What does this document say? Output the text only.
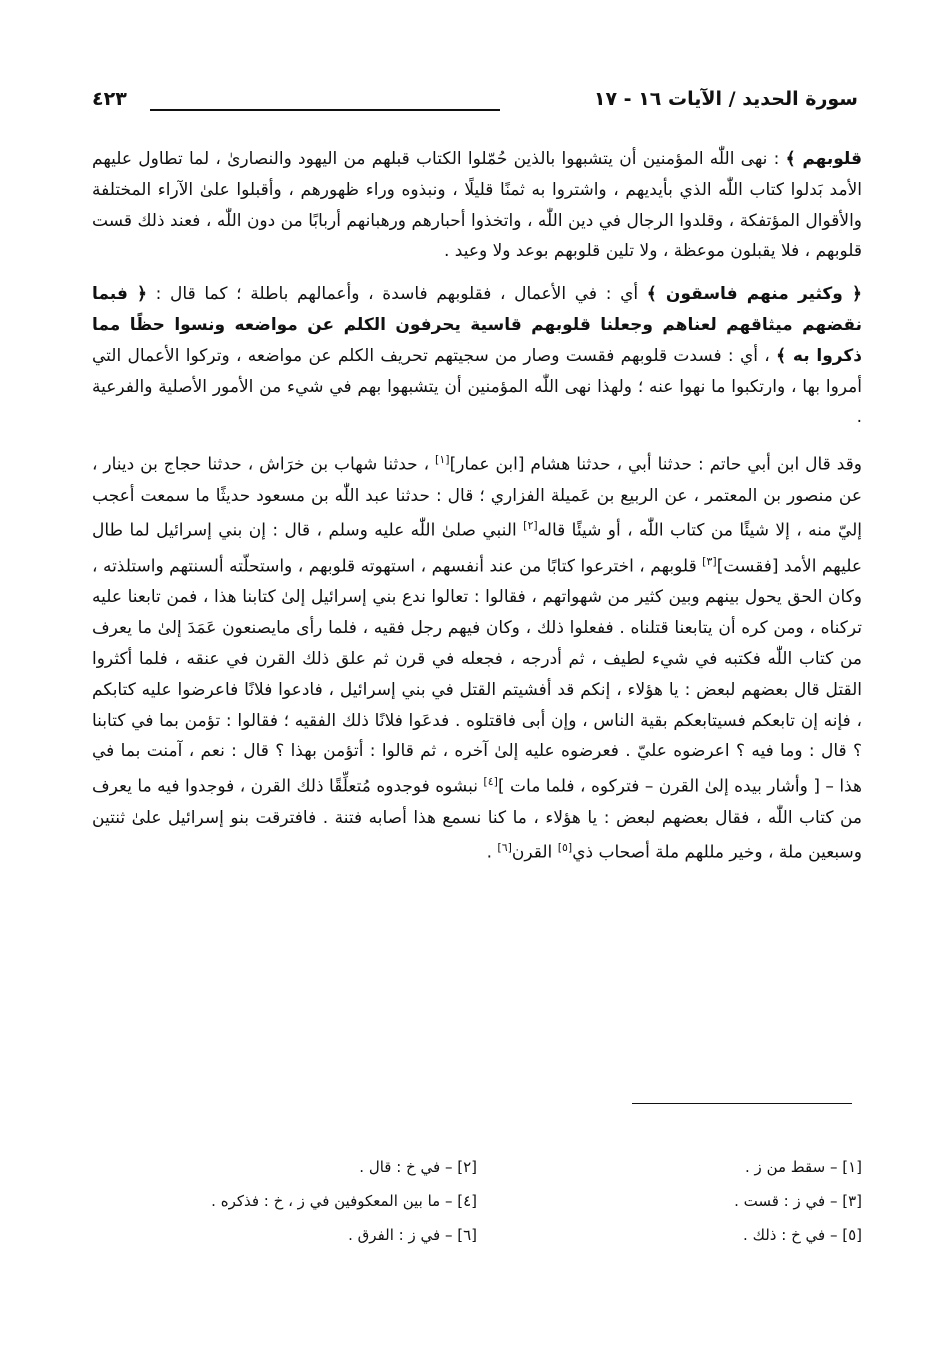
سورة الحديد / الآيات ١٦ - ١٧
٤٢٣

قلوبهم ﴾ : نهى اللّٰه المؤمنين أن يتشبهوا بالذين حُمّلوا الكتاب قبلهم من اليهود والنصارىٰ ، لما تطاول عليهم الأمد بَدلوا كتاب اللّٰه الذي بأيديهم ، واشتروا به ثمنًا قليلًا ، ونبذوه وراء ظهورهم ، وأقبلوا علىٰ الآراء المختلفة والأقوال المؤتفكة ، وقلدوا الرجال في دين اللّٰه ، واتخذوا أحبارهم ورهبانهم أربابًا من دون اللّٰه ، فعند ذلك قست قلوبهم ، فلا يقبلون موعظة ، ولا تلين قلوبهم بوعد ولا وعيد .

﴿ وكثير منهم فاسقون ﴾ أي : في الأعمال ، فقلوبهم فاسدة ، وأعمالهم باطلة ؛ كما قال : ﴿ فبما نقضهم ميثاقهم لعناهم وجعلنا قلوبهم قاسية يحرفون الكلم عن مواضعه ونسوا حظًا مما ذكروا به ﴾ ، أي : فسدت قلوبهم فقست وصار من سجيتهم تحريف الكلم عن مواضعه ، وتركوا الأعمال التي أمروا بها ، وارتكبوا ما نهوا عنه ؛ ولهذا نهى اللّٰه المؤمنين أن يتشبهوا بهم في شيء من الأمور الأصلية والفرعية .

وقد قال ابن أبي حاتم : حدثنا أبي ، حدثنا هشام [ابن عمار][١] ، حدثنا شهاب بن خرَاش ، حدثنا حجاج بن دينار ، عن منصور بن المعتمر ، عن الربيع بن عَميلة الفزاري ؛ قال : حدثنا عبد اللّٰه بن مسعود حديثًا ما سمعت أعجب إليّ منه ، إلا شيئًا من كتاب اللّٰه ، أو شيئًا قاله[٢] النبي صلىٰ اللّٰه عليه وسلم ، قال : إن بني إسرائيل لما طال عليهم الأمد [فقست][٣] قلوبهم ، اخترعوا كتابًا من عند أنفسهم ، استهوته قلوبهم ، واستحلّته ألسنتهم واستلذته ، وكان الحق يحول بينهم وبين كثير من شهواتهم ، فقالوا : تعالوا ندع بني إسرائيل إلىٰ كتابنا هذا ، فمن تابعنا عليه تركناه ، ومن كره أن يتابعنا قتلناه . ففعلوا ذلك ، وكان فيهم رجل فقيه ، فلما رأى مايصنعون عَمَدَ إلىٰ ما يعرف من كتاب اللّٰه فكتبه في شيء لطيف ، ثم أدرجه ، فجعله في قرن ثم علق ذلك القرن في عنقه ، فلما أكثروا القتل قال بعضهم لبعض : يا هؤلاء ، إنكم قد أفشيتم القتل في بني إسرائيل ، فادعوا فلانًا فاعرضوا عليه كتابكم ، فإنه إن تابعكم فسيتابعكم بقية الناس ، وإن أبى فاقتلوه . فدعَوا فلانًا ذلك الفقيه ؛ فقالوا : تؤمن بما في كتابنا ؟ قال : وما فيه ؟ اعرضوه عليّ . فعرضوه عليه إلىٰ آخره ، ثم قالوا : أتؤمن بهذا ؟ قال : نعم ، آمنت بما في هذا – [ وأشار بيده إلىٰ القرن – فتركوه ، فلما مات ][٤] نبشوه فوجدوه مُتعلِّقًا ذلك القرن ، فوجدوا فيه ما يعرف من كتاب اللّٰه ، فقال بعضهم لبعض : يا هؤلاء ، ما كنا نسمع هذا أصابه فتنة . فافترقت بنو إسرائيل علىٰ ثنتين وسبعين ملة ، وخير مللهم ملة أصحاب ذي[٥] القرن[٦] .

[١] – سقط من ز .
[٢] – في خ : قال .
[٣] – في ز : قست .
[٤] – ما بين المعكوفين في ز ، خ : فذكره .
[٥] – في خ : ذلك .
[٦] – في ز : الفرق .
